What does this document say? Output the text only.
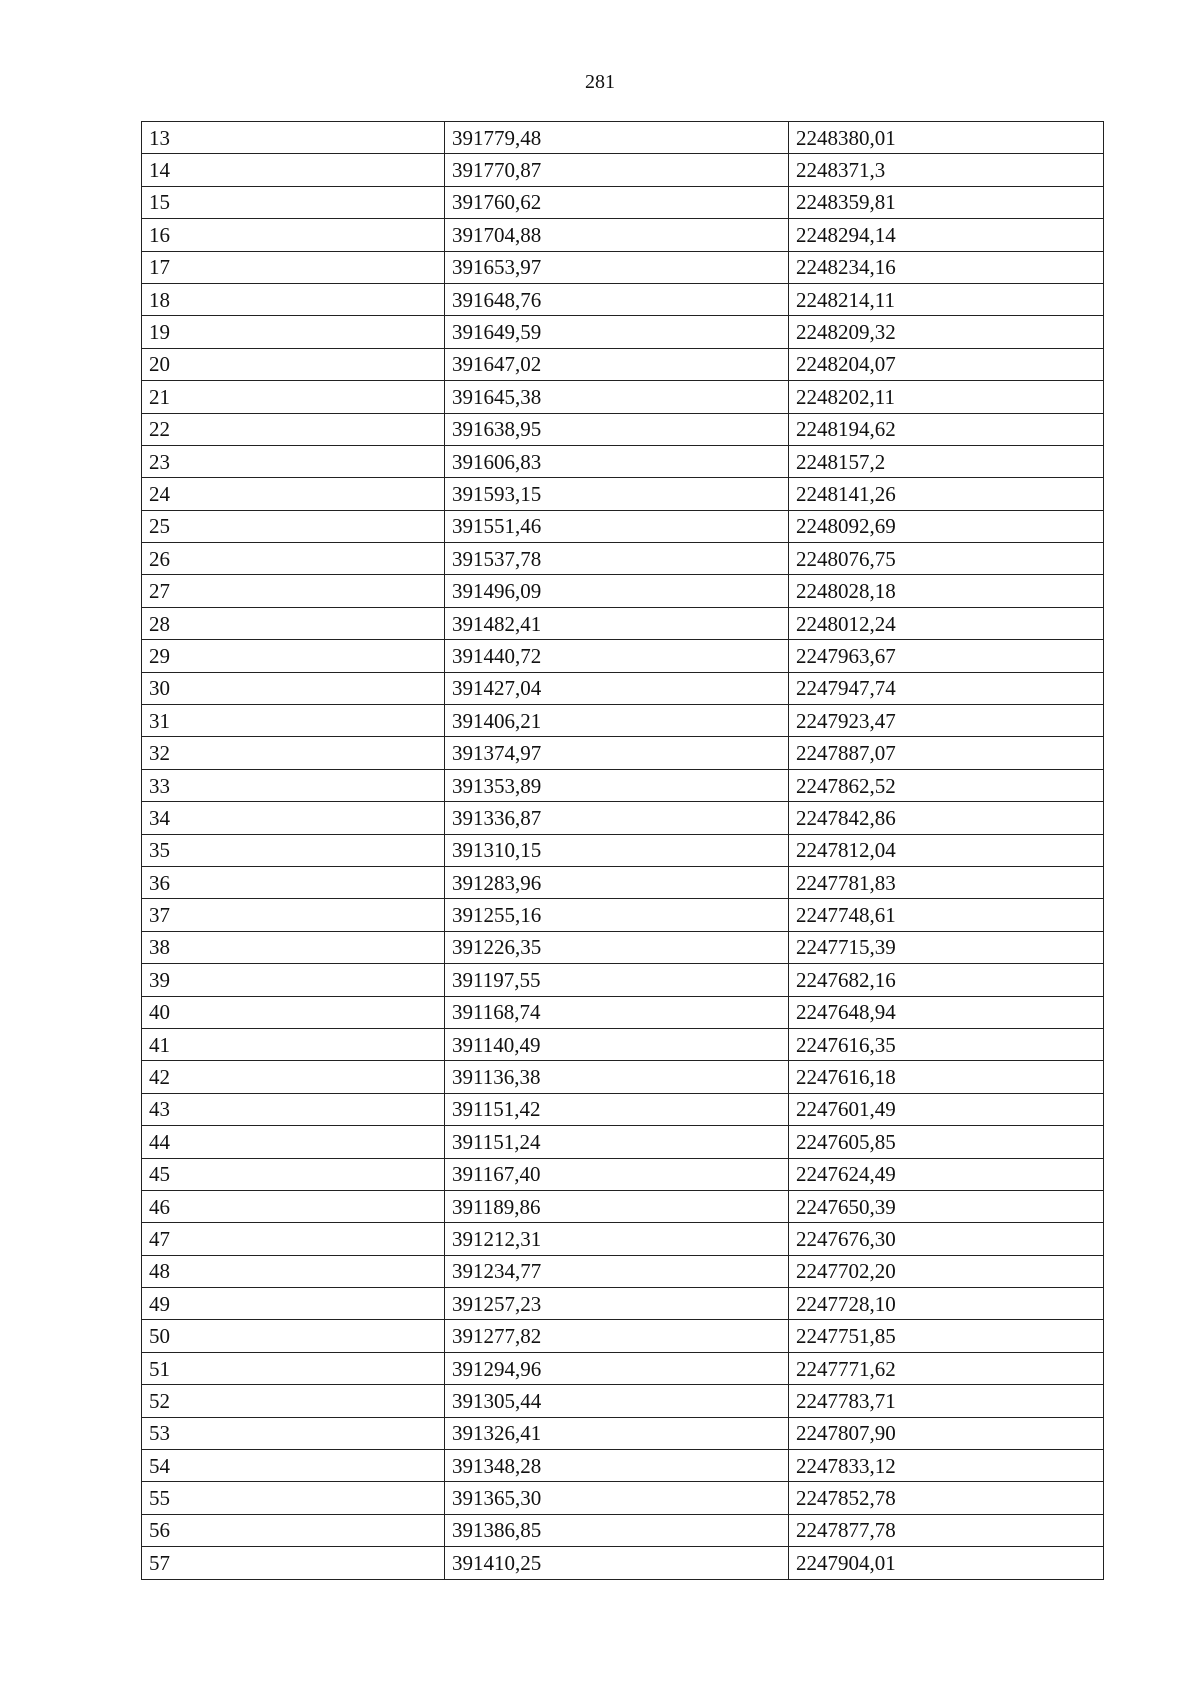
281
13	391779,48	2248380,01
14	391770,87	2248371,3
15	391760,62	2248359,81
16	391704,88	2248294,14
17	391653,97	2248234,16
18	391648,76	2248214,11
19	391649,59	2248209,32
20	391647,02	2248204,07
21	391645,38	2248202,11
22	391638,95	2248194,62
23	391606,83	2248157,2
24	391593,15	2248141,26
25	391551,46	2248092,69
26	391537,78	2248076,75
27	391496,09	2248028,18
28	391482,41	2248012,24
29	391440,72	2247963,67
30	391427,04	2247947,74
31	391406,21	2247923,47
32	391374,97	2247887,07
33	391353,89	2247862,52
34	391336,87	2247842,86
35	391310,15	2247812,04
36	391283,96	2247781,83
37	391255,16	2247748,61
38	391226,35	2247715,39
39	391197,55	2247682,16
40	391168,74	2247648,94
41	391140,49	2247616,35
42	391136,38	2247616,18
43	391151,42	2247601,49
44	391151,24	2247605,85
45	391167,40	2247624,49
46	391189,86	2247650,39
47	391212,31	2247676,30
48	391234,77	2247702,20
49	391257,23	2247728,10
50	391277,82	2247751,85
51	391294,96	2247771,62
52	391305,44	2247783,71
53	391326,41	2247807,90
54	391348,28	2247833,12
55	391365,30	2247852,78
56	391386,85	2247877,78
57	391410,25	2247904,01
